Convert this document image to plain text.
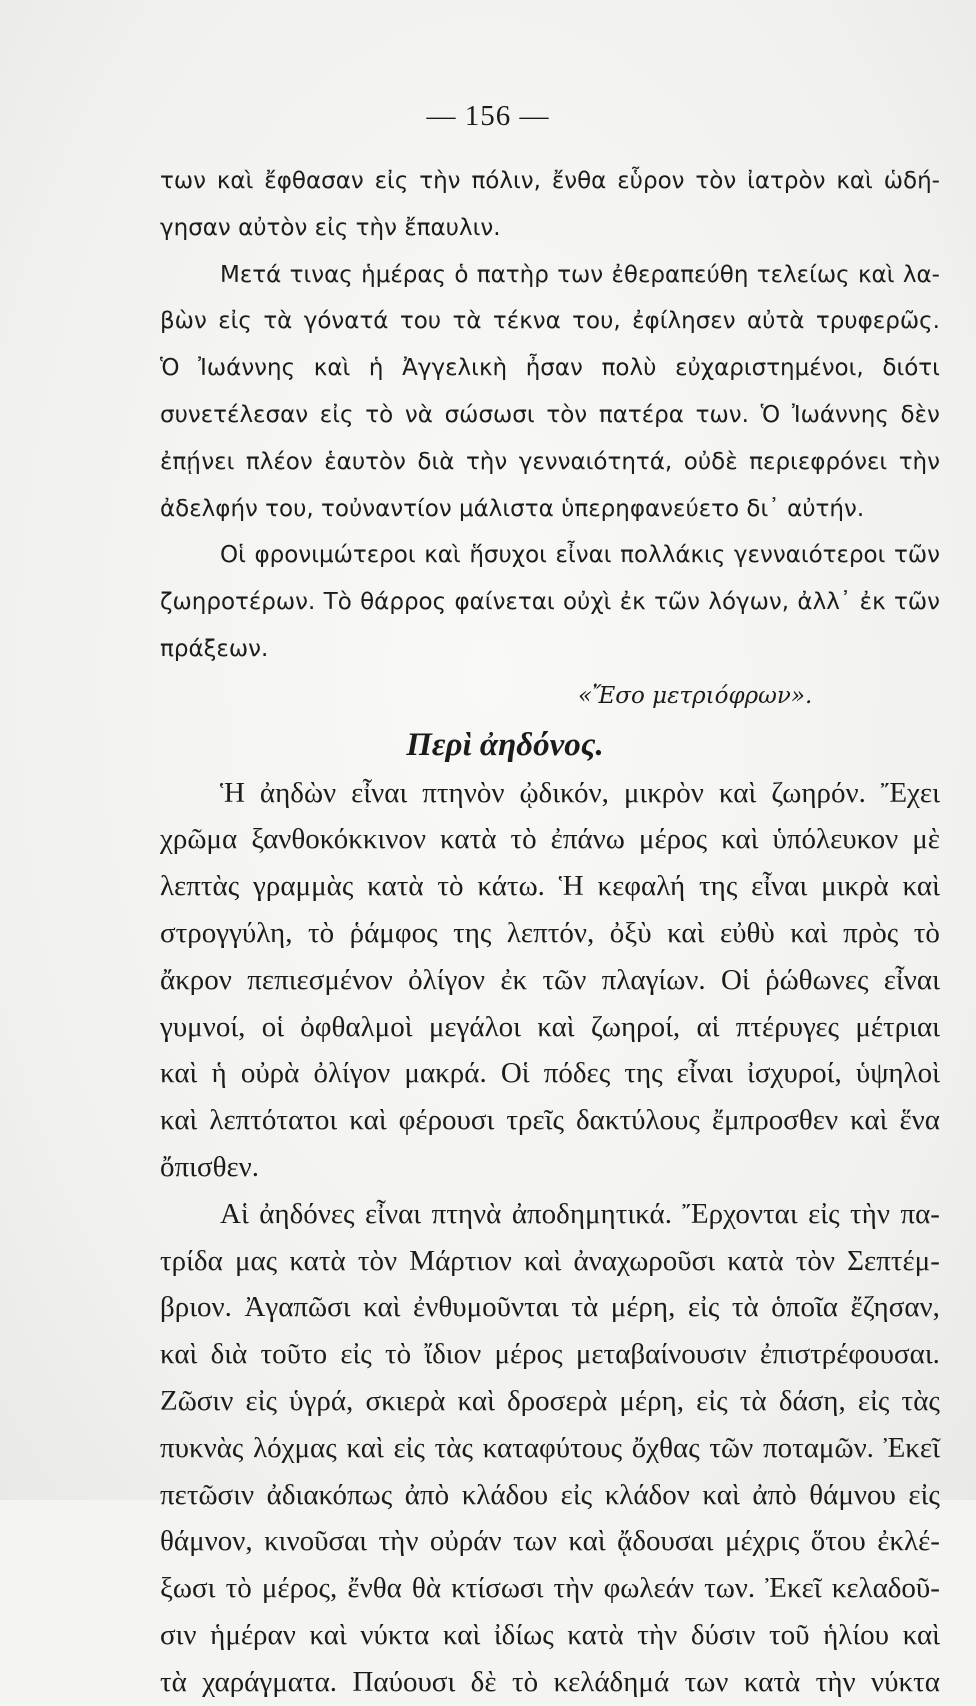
— 156 —
των καὶ ἔφθασαν εἰς τὴν πόλιν, ἔνθα εὗρον τὸν ἰατρὸν καὶ ὡδή-
γησαν αὐτὸν εἰς τὴν ἔπαυλιν.
Μετά τινας ἡμέρας ὁ πατὴρ των ἐθεραπεύθη τελείως καὶ λα-
βὼν εἰς τὰ γόνατά του τὰ τέκνα του, ἐφίλησεν αὐτὰ τρυφερῶς.
Ὁ Ἰωάννης καὶ ἡ Ἀγγελικὴ ἦσαν πολὺ εὐχαριστημένοι, διότι
συνετέλεσαν εἰς τὸ νὰ σώσωσι τὸν πατέρα των. Ὁ Ἰωάννης δὲν
ἐπῄνει πλέον ἑαυτὸν διὰ τὴν γενναιότητά, οὐδὲ περιεφρόνει τὴν
ἀδελφήν του, τοὐναντίον μάλιστα ὑπερηφανεύετο δι᾽ αὐτήν.
Οἱ φρονιμώτεροι καὶ ἥσυχοι εἶναι πολλάκις γενναιότεροι τῶν
ζωηροτέρων. Τὸ θάρρος φαίνεται οὐχὶ ἐκ τῶν λόγων, ἀλλ᾽ ἐκ τῶν
πράξεων.
«Ἔσο μετριόφρων».
Περὶ ἀηδόνος.
Ἡ ἀηδὼν εἶναι πτηνὸν ᾠδικόν, μικρὸν καὶ ζωηρόν. Ἔχει
χρῶμα ξανθοκόκκινον κατὰ τὸ ἐπάνω μέρος καὶ ὑπόλευκον μὲ
λεπτὰς γραμμὰς κατὰ τὸ κάτω. Ἡ κεφαλή της εἶναι μικρὰ καὶ
στρογγύλη, τὸ ῥάμφος της λεπτόν, ὀξὺ καὶ εὐθὺ καὶ πρὸς τὸ
ἄκρον πεπιεσμένον ὀλίγον ἐκ τῶν πλαγίων. Οἱ ῥώθωνες εἶναι
γυμνοί, οἱ ὀφθαλμοὶ μεγάλοι καὶ ζωηροί, αἱ πτέρυγες μέτριαι
καὶ ἡ οὐρὰ ὀλίγον μακρά. Οἱ πόδες της εἶναι ἰσχυροί, ὑψηλοὶ
καὶ λεπτότατοι καὶ φέρουσι τρεῖς δακτύλους ἔμπροσθεν καὶ ἕνα
ὄπισθεν.
Αἱ ἀηδόνες εἶναι πτηνὰ ἀποδημητικά. Ἔρχονται εἰς τὴν πα-
τρίδα μας κατὰ τὸν Μάρτιον καὶ ἀναχωροῦσι κατὰ τὸν Σεπτέμ-
βριον. Ἀγαπῶσι καὶ ἐνθυμοῦνται τὰ μέρη, εἰς τὰ ὁποῖα ἔζησαν,
καὶ διὰ τοῦτο εἰς τὸ ἴδιον μέρος μεταβαίνουσιν ἐπιστρέφουσαι.
Ζῶσιν εἰς ὑγρά, σκιερὰ καὶ δροσερὰ μέρη, εἰς τὰ δάση, εἰς τὰς
πυκνὰς λόχμας καὶ εἰς τὰς καταφύτους ὄχθας τῶν ποταμῶν. Ἐκεῖ
πετῶσιν ἀδιακόπως ἀπὸ κλάδου εἰς κλάδον καὶ ἀπὸ θάμνου εἰς
θάμνον, κινοῦσαι τὴν οὐράν των καὶ ᾄδουσαι μέχρις ὅτου ἐκλέ-
ξωσι τὸ μέρος, ἔνθα θὰ κτίσωσι τὴν φωλεάν των. Ἐκεῖ κελαδοῦ-
σιν ἡμέραν καὶ νύκτα καὶ ἰδίως κατὰ τὴν δύσιν τοῦ ἡλίου καὶ
τὰ χαράγματα. Παύουσι δὲ τὸ κελάδημά των κατὰ τὴν νύκτα
